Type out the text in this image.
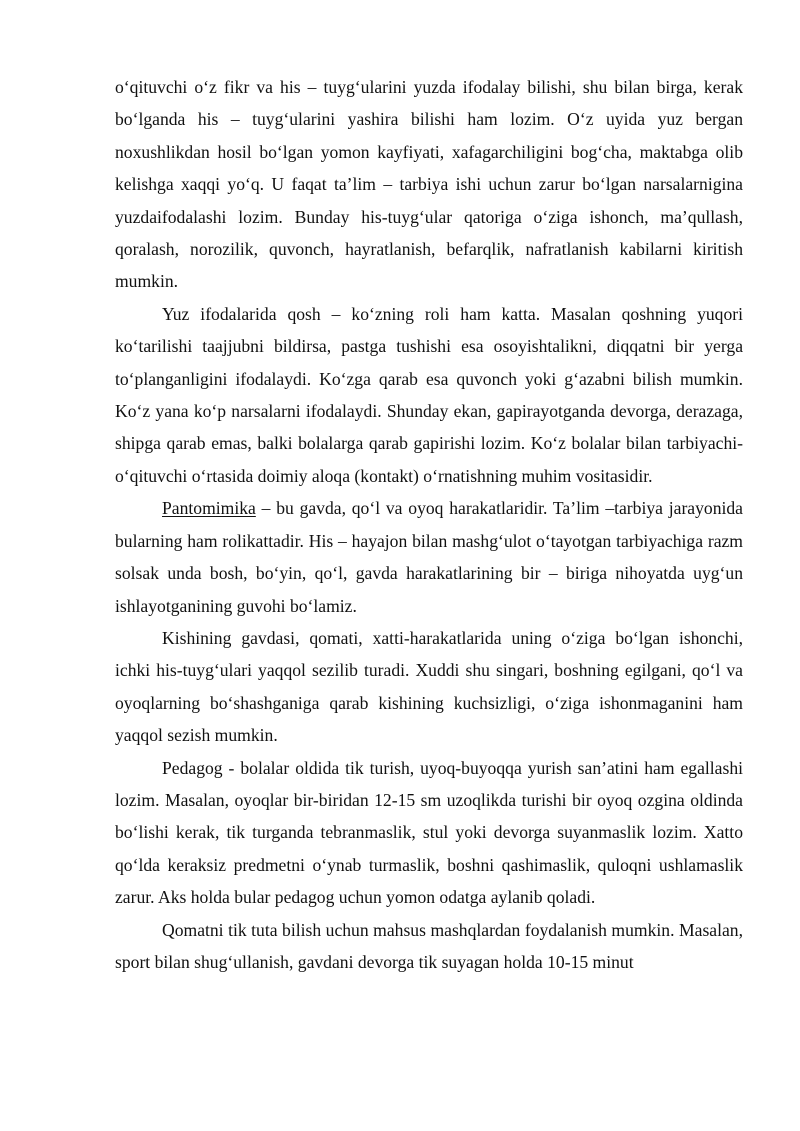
o‘qituvchi o‘z fikr va his – tuyg‘ularini yuzda ifodalay bilishi, shu bilan birga, kerak bo‘lganda his – tuyg‘ularini yashira bilishi ham lozim. O‘z uyida yuz bergan noxushlikdan hosil bo‘lgan yomon kayfiyati, xafagarchiligini bog‘cha, maktabga olib kelishga xaqqi yo‘q. U faqat ta’lim – tarbiya ishi uchun zarur bo‘lgan narsalarnigina yuzdaifodalashi lozim. Bunday his-tuyg‘ular qatoriga o‘ziga ishonch, ma’qullash, qoralash, norozilik, quvonch, hayratlanish, befarqlik, nafratlanish kabilarni kiritish mumkin.

Yuz ifodalarida qosh – ko‘zning roli ham katta. Masalan qoshning yuqori ko‘tarilishi taajjubni bildirsa, pastga tushishi esa osoyishtalikni, diqqatni bir yerga to‘planganligini ifodalaydi. Ko‘zga qarab esa quvonch yoki g‘azabni bilish mumkin. Ko‘z yana ko‘p narsalarni ifodalaydi. Shunday ekan, gapirayotganda devorga, derazaga, shipga qarab emas, balki bolalarga qarab gapirishi lozim. Ko‘z bolalar bilan tarbiyachi-o‘qituvchi o‘rtasida doimiy aloqa (kontakt) o‘rnatishning muhim vositasidir.

Pantomimika – bu gavda, qo‘l va oyoq harakatlaridir. Ta’lim –tarbiya jarayonida bularning ham rolikattadir. His – hayajon bilan mashg‘ulot o‘tayotgan tarbiyachiga razm solsak unda bosh, bo‘yin, qo‘l, gavda harakatlarining bir – biriga nihoyatda uyg‘un ishlayotganining guvohi bo‘lamiz.

Kishining gavdasi, qomati, xatti-harakatlarida uning o‘ziga bo‘lgan ishonchi, ichki his-tuyg‘ulari yaqqol sezilib turadi. Xuddi shu singari, boshning egilgani, qo‘l va oyoqlarning bo‘shashganiga qarab kishining kuchsizligi, o‘ziga ishonmaganini ham yaqqol sezish mumkin.

Pedagog - bolalar oldida tik turish, uyoq-buyoqqa yurish san’atini ham egallashi lozim. Masalan, oyoqlar bir-biridan 12-15 sm uzoqlikda turishi bir oyoq ozgina oldinda bo‘lishi kerak, tik turganda tebranmaslik, stul yoki devorga suyanmaslik lozim. Xatto qo‘lda keraksiz predmetni o‘ynab turmaslik, boshni qashimaslik, quloqni ushlamaslik zarur. Aks holda bular pedagog uchun yomon odatga aylanib qoladi.

Qomatni tik tuta bilish uchun mahsus mashqlardan foydalanish mumkin. Masalan, sport bilan shug‘ullanish, gavdani devorga tik suyagan holda 10-15 minut
